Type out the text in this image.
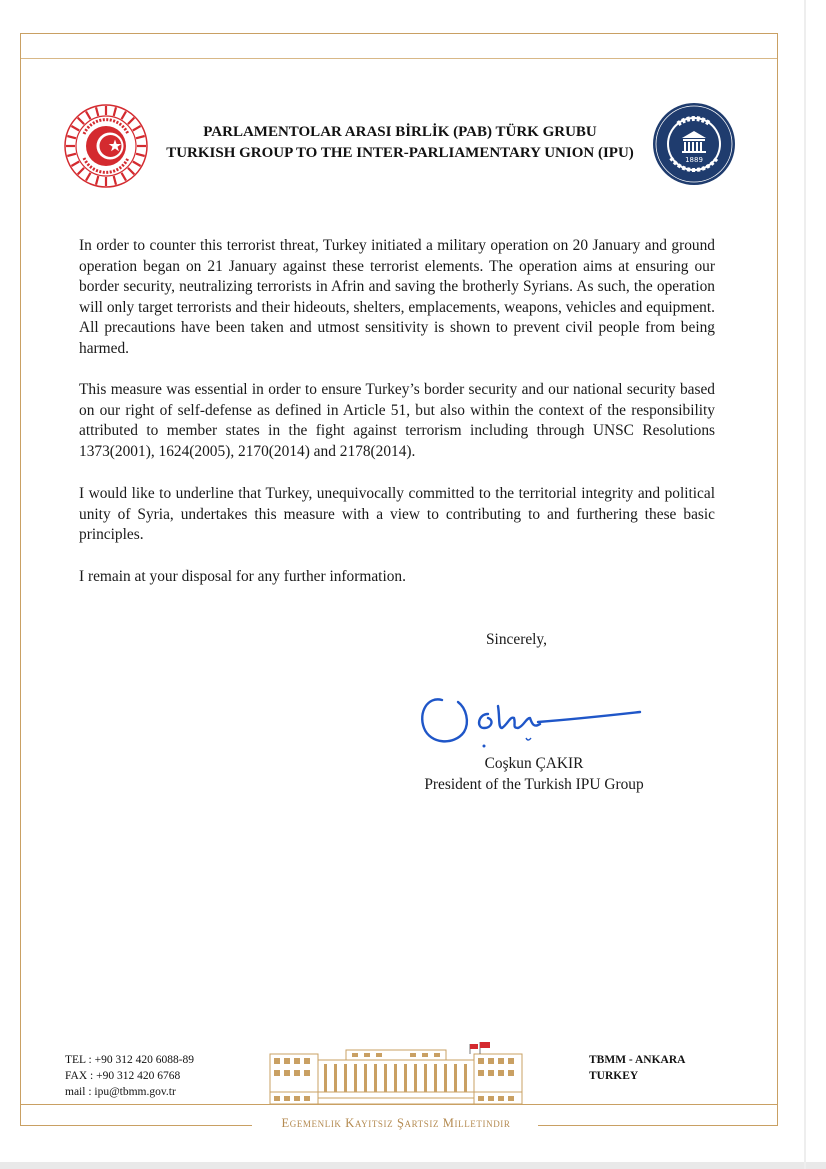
PARLAMENTOLAR ARASI BİRLİK (PAB) TÜRK GRUBU
TURKISH GROUP TO THE INTER-PARLIAMENTARY UNION (IPU)	1889
In order to counter this terrorist threat, Turkey initiated a military operation on 20 January and ground operation began on 21 January against these terrorist elements. The operation aims at ensuring our border security, neutralizing terrorists in Afrin and saving the brotherly Syrians. As such, the operation will only target terrorists and their hideouts, shelters, emplacements, weapons, vehicles and equipment. All precautions have been taken and utmost sensitivity is shown to prevent civil people from being harmed.
This measure was essential in order to ensure Turkey’s border security and our national security based on our right of self-defense as defined in Article 51, but also within the context of the responsibility attributed to member states in the fight against terrorism including through UNSC Resolutions 1373(2001), 1624(2005), 2170(2014) and 2178(2014).
I would like to underline that Turkey, unequivocally committed to the territorial integrity and political unity of Syria, undertakes this measure with a view to contributing to and furthering these basic principles.
I remain at your disposal for any further information.
Sincerely,
Coşkun ÇAKIR
President of the Turkish IPU Group
TEL : +90 312 420 6088-89
FAX : +90 312 420 6768
mail : ipu@tbmm.gov.tr
TBMM - ANKARA
TURKEY
Egemenlik Kayıtsız Şartsız Milletindir
